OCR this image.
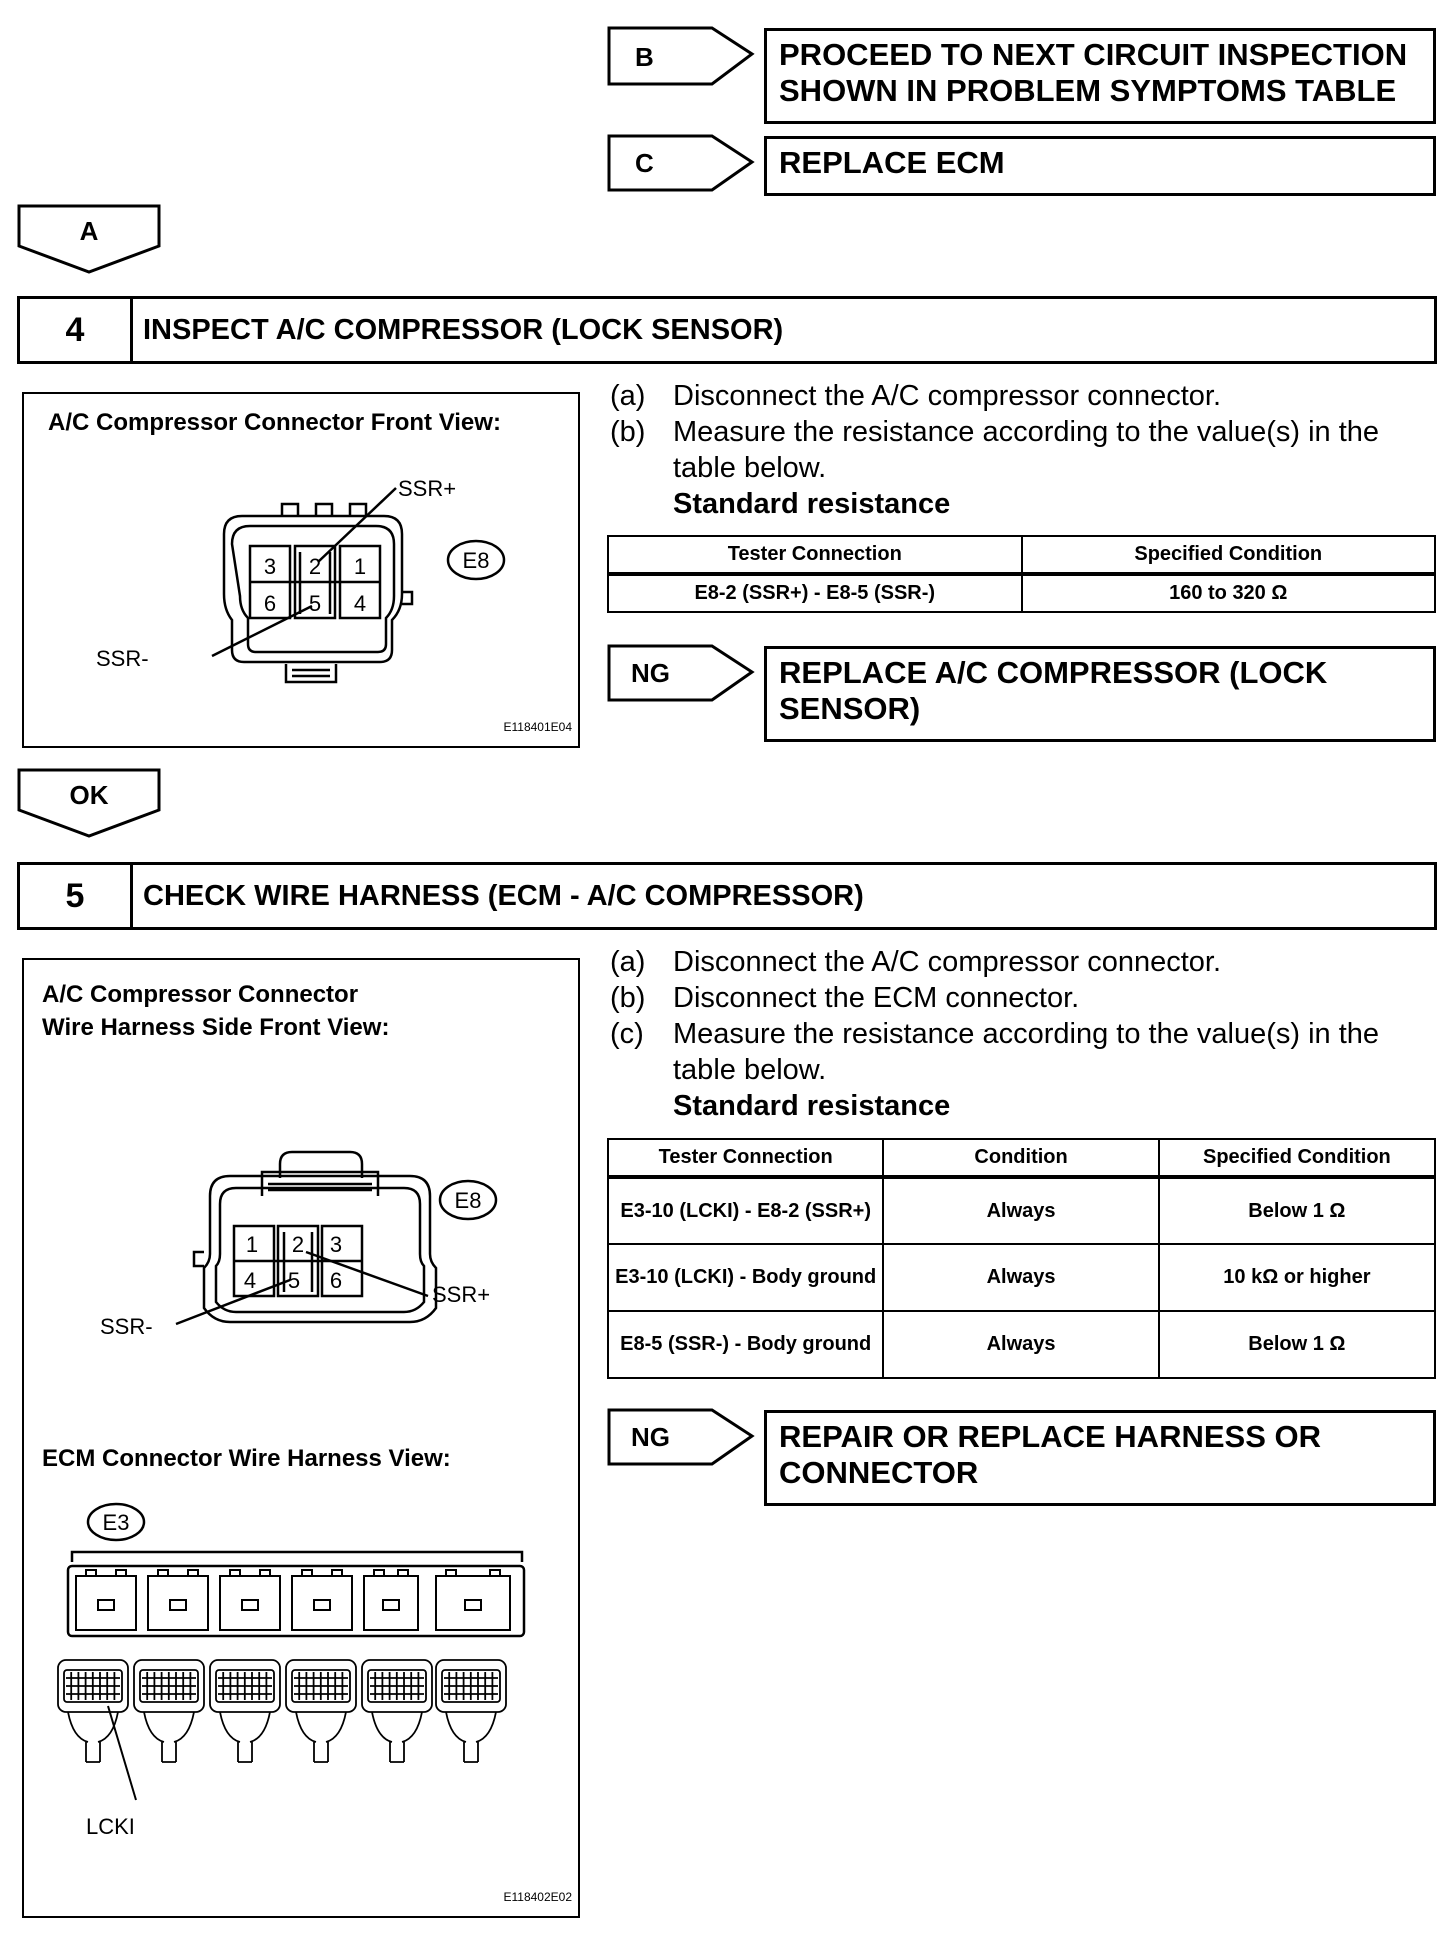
B	PROCEED TO NEXT CIRCUIT INSPECTION
SHOWN IN PROBLEM SYMPTOMS TABLE
C	REPLACE ECM
A
4	INSPECT A/C COMPRESSOR (LOCK SENSOR)
A/C Compressor Connector Front View:
3 2 1
6 5 4
SSR+
SSR-
E8
E118401E04
(a) Disconnect the A/C compressor connector.
(b) Measure the resistance according to the value(s) in the table below.
Standard resistance
Tester Connection	Specified Condition
E8-2 (SSR+) - E8-5 (SSR-)	160 to 320 Ω
NG	REPLACE A/C COMPRESSOR (LOCK
SENSOR)
OK
5	CHECK WIRE HARNESS (ECM - A/C COMPRESSOR)
A/C Compressor Connector
Wire Harness Side Front View:
1 2 3
4 5 6
SSR+
SSR-
E8
ECM Connector Wire Harness View:
E3
LCKI
E118402E02
(a) Disconnect the A/C compressor connector.
(b) Disconnect the ECM connector.
(c)	Measure the resistance according to the value(s) in the table below.
Standard resistance
Tester Connection	Condition	Specified Condition
E3-10 (LCKI) - E8-2 (SSR+)	Always	Below 1 Ω
E3-10 (LCKI) - Body ground	Always	10 kΩ or higher
E8-5 (SSR-) - Body ground	Always	Below 1 Ω
NG	REPAIR OR REPLACE HARNESS OR
CONNECTOR
